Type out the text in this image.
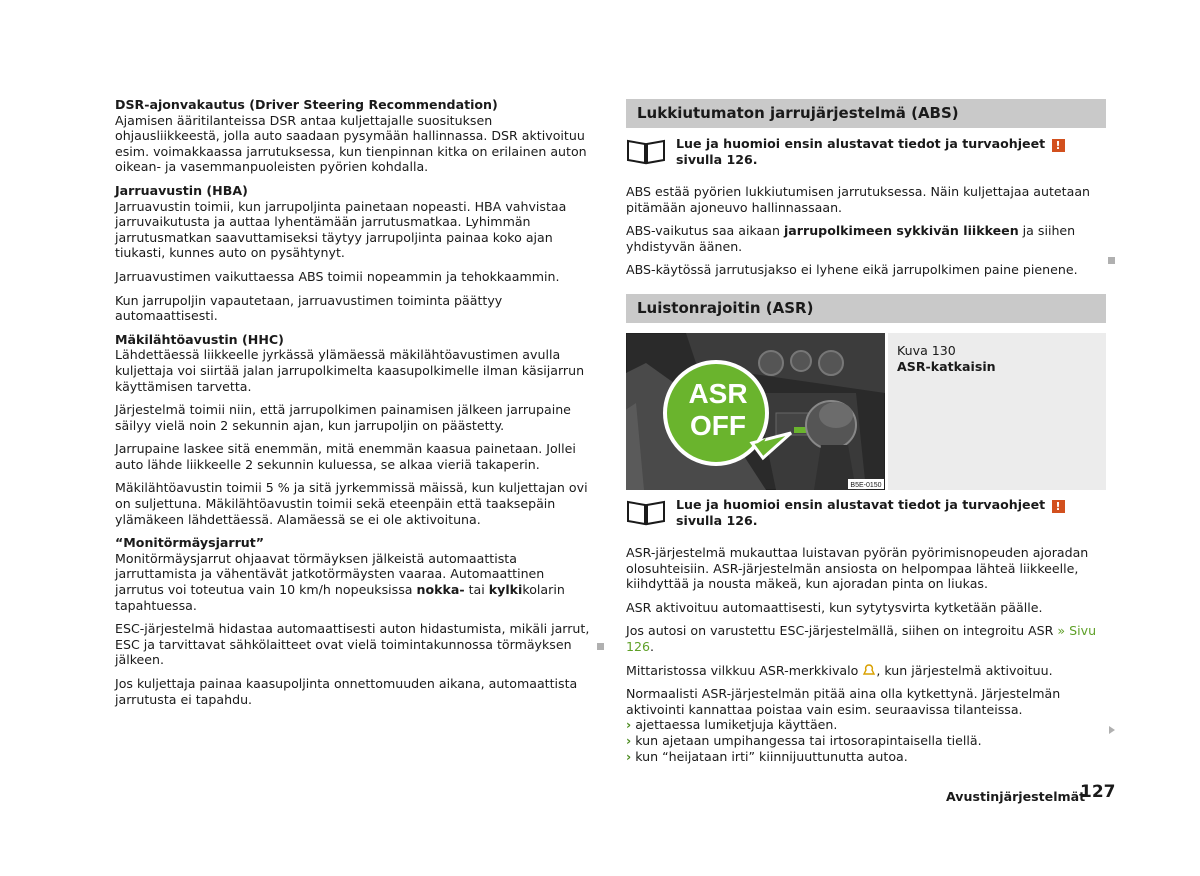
DSR-ajonvakautus (Driver Steering Recommendation)

Ajamisen ääritilanteissa DSR antaa kuljettajalle suosituksen ohjausliikkeestä, jolla auto saadaan pysymään hallinnassa. DSR aktivoituu esim. voimakkaassa jarrutuksessa, kun tienpinnan kitka on erilainen auton oikean- ja vasemmanpuoleisten pyörien kohdalla.

Jarruavustin (HBA)

Jarruavustin toimii, kun jarrupoljinta painetaan nopeasti. HBA vahvistaa jarruvaikutusta ja auttaa lyhentämään jarrutusmatkaa. Lyhimmän jarrutusmatkan saavuttamiseksi täytyy jarrupoljinta painaa koko ajan tiukasti, kunnes auto on pysähtynyt.

Jarruavustimen vaikuttaessa ABS toimii nopeammin ja tehokkaammin.

Kun jarrupoljin vapautetaan, jarruavustimen toiminta päättyy automaattisesti.

Mäkilähtöavustin (HHC)

Lähdettäessä liikkeelle jyrkässä ylämäessä mäkilähtöavustimen avulla kuljettaja voi siirtää jalan jarrupolkimelta kaasupolkimelle ilman käsijarrun käyttämisen tarvetta.

Järjestelmä toimii niin, että jarrupolkimen painamisen jälkeen jarrupaine säilyy vielä noin 2 sekunnin ajan, kun jarrupoljin on päästetty.

Jarrupaine laskee sitä enemmän, mitä enemmän kaasua painetaan. Jollei auto lähde liikkeelle 2 sekunnin kuluessa, se alkaa vieriä takaperin.

Mäkilähtöavustin toimii 5 % ja sitä jyrkemmissä mäissä, kun kuljettajan ovi on suljettuna. Mäkilähtöavustin toimii sekä eteenpäin että taaksepäin ylämäkeen lähdettäessä. Alamäessä se ei ole aktivoituna.

“Monitörmäysjarrut”

Monitörmäysjarrut ohjaavat törmäyksen jälkeistä automaattista jarruttamista ja vähentävät jatkotörmäysten vaaraa. Automaattinen jarrutus voi toteutua vain 10 km/h nopeuksissa nokka- tai kylkikolarin tapahtuessa.

ESC-järjestelmä hidastaa automaattisesti auton hidastumista, mikäli jarrut, ESC ja tarvittavat sähkölaitteet ovat vielä toimintakunnossa törmäyksen jälkeen.

Jos kuljettaja painaa kaasupoljinta onnettomuuden aikana, automaattista jarrutusta ei tapahdu.

Lukkiutumaton jarrujärjestelmä (ABS)
Lue ja huomioi ensin alustavat tiedot ja turvaohjeet ! sivulla 126.

ABS estää pyörien lukkiutumisen jarrutuksessa. Näin kuljettajaa autetaan pitämään ajoneuvo hallinnassaan.

ABS-vaikutus saa aikaan jarrupolkimeen sykkivän liikkeen ja siihen yhdistyvän äänen.

ABS-käytössä jarrutusjakso ei lyhene eikä jarrupolkimen paine pienene.

Luistonrajoitin (ASR)
ASR
OFF
B5E-0150
Kuva 130
ASR-katkaisin
Lue ja huomioi ensin alustavat tiedot ja turvaohjeet ! sivulla 126.

ASR-järjestelmä mukauttaa luistavan pyörän pyörimisnopeuden ajoradan olosuhteisiin. ASR-järjestelmän ansiosta on helpompaa lähteä liikkeelle, kiihdyttää ja nousta mäkeä, kun ajoradan pinta on liukas.

ASR aktivoituu automaattisesti, kun sytytysvirta kytketään päälle.

Jos autosi on varustettu ESC-järjestelmällä, siihen on integroitu ASR » Sivu 126.

Mittaristossa vilkkuu ASR-merkkivalo , kun järjestelmä aktivoituu.

Normaalisti ASR-järjestelmän pitää aina olla kytkettynä. Järjestelmän aktivointi kannattaa poistaa vain esim. seuraavissa tilanteissa.

› ajettaessa lumiketjuja käyttäen.

› kun ajetaan umpihangessa tai irtosorapintaisella tiellä.

› kun “heijataan irti” kiinnijuuttunutta autoa.

Avustinjärjestelmät
127
